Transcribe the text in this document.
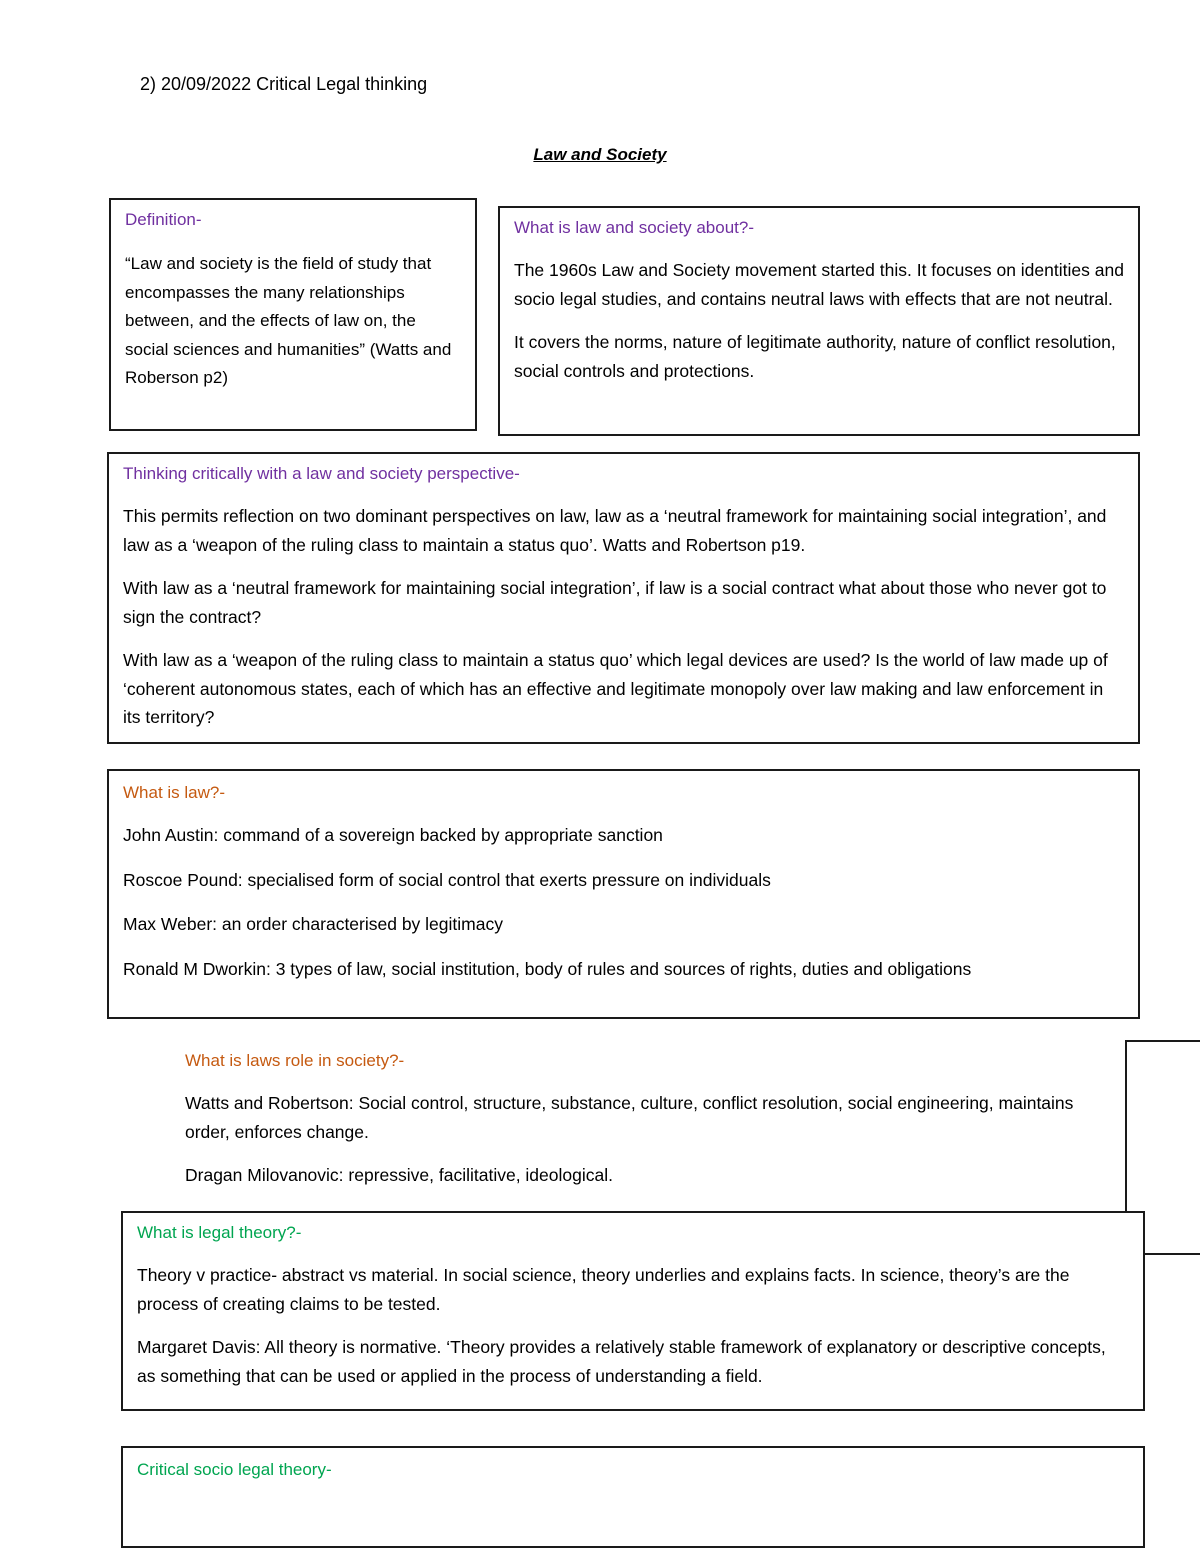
2) 20/09/2022 Critical Legal thinking
Law and Society
Definition-

“Law and society is the field of study that encompasses the many relationships between, and the effects of law on, the social sciences and humanities” (Watts and Roberson p2)

What is law and society about?-

The 1960s Law and Society movement started this. It focuses on identities and socio legal studies, and contains neutral laws with effects that are not neutral.

It covers the norms, nature of legitimate authority, nature of conflict resolution, social controls and protections.

Thinking critically with a law and society perspective-

This permits reflection on two dominant perspectives on law, law as a ‘neutral framework for maintaining social integration’, and law as a ‘weapon of the ruling class to maintain a status quo’. Watts and Robertson p19.

With law as a ‘neutral framework for maintaining social integration’, if law is a social contract what about those who never got to sign the contract?

With law as a ‘weapon of the ruling class to maintain a status quo’ which legal devices are used? Is the world of law made up of ‘coherent autonomous states, each of which has an effective and legitimate monopoly over law making and law enforcement in its territory?

What is law?-

John Austin: command of a sovereign backed by appropriate sanction

Roscoe Pound: specialised form of social control that exerts pressure on individuals

Max Weber: an order characterised by legitimacy

Ronald M Dworkin: 3 types of law, social institution, body of rules and sources of rights, duties and obligations

What is laws role in society?-

Watts and Robertson: Social control, structure, substance, culture, conflict resolution, social engineering, maintains order, enforces change.

Dragan Milovanovic: repressive, facilitative, ideological.

What is legal theory?-

Theory v practice- abstract vs material. In social science, theory underlies and explains facts. In science, theory’s are the process of creating claims to be tested.

Margaret Davis: All theory is normative. ‘Theory provides a relatively stable framework of explanatory or descriptive concepts, as something that can be used or applied in the process of understanding a field.

Critical socio legal theory-
